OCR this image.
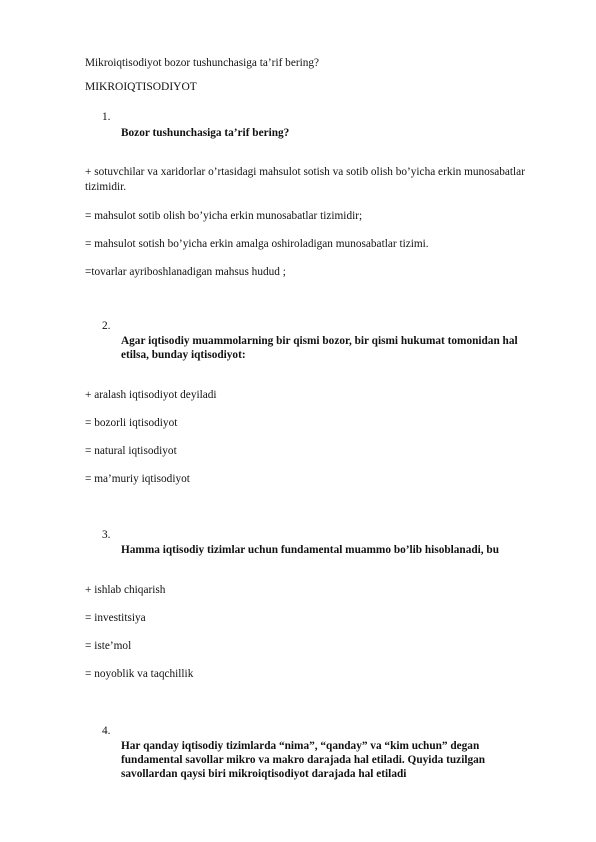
Mikroiqtisodiyot bozor tushunchasiga ta’rif bering?
MIKROIQTISODIYOT
1.
Bozor tushunchasiga ta’rif bering?
+ sotuvchilar va xaridorlar o’rtasidagi mahsulot sotish va sotib olish bo’yicha erkin munosabatlar
tizimidir.
= mahsulot sotib olish bo’yicha erkin munosabatlar tizimidir;
= mahsulot sotish bo’yicha erkin amalga oshiroladigan munosabatlar tizimi.
=tovarlar ayriboshlanadigan mahsus hudud ;
2.
Agar iqtisodiy muammolarning bir qismi bozor, bir qismi hukumat tomonidan hal
etilsa, bunday iqtisodiyot:
+ aralash iqtisodiyot deyiladi
= bozorli iqtisodiyot
= natural iqtisodiyot
= ma’muriy iqtisodiyot
3.
Hamma iqtisodiy tizimlar uchun fundamental muammo bo’lib hisoblanadi, bu
+ ishlab chiqarish
= investitsiya
= iste’mol
= noyoblik va taqchillik
4.
Har qanday iqtisodiy tizimlarda “nima”, “qanday” va “kim uchun” degan
fundamental savollar mikro va makro darajada hal etiladi. Quyida tuzilgan
savollardan qaysi biri mikroiqtisodiyot darajada hal etiladi
